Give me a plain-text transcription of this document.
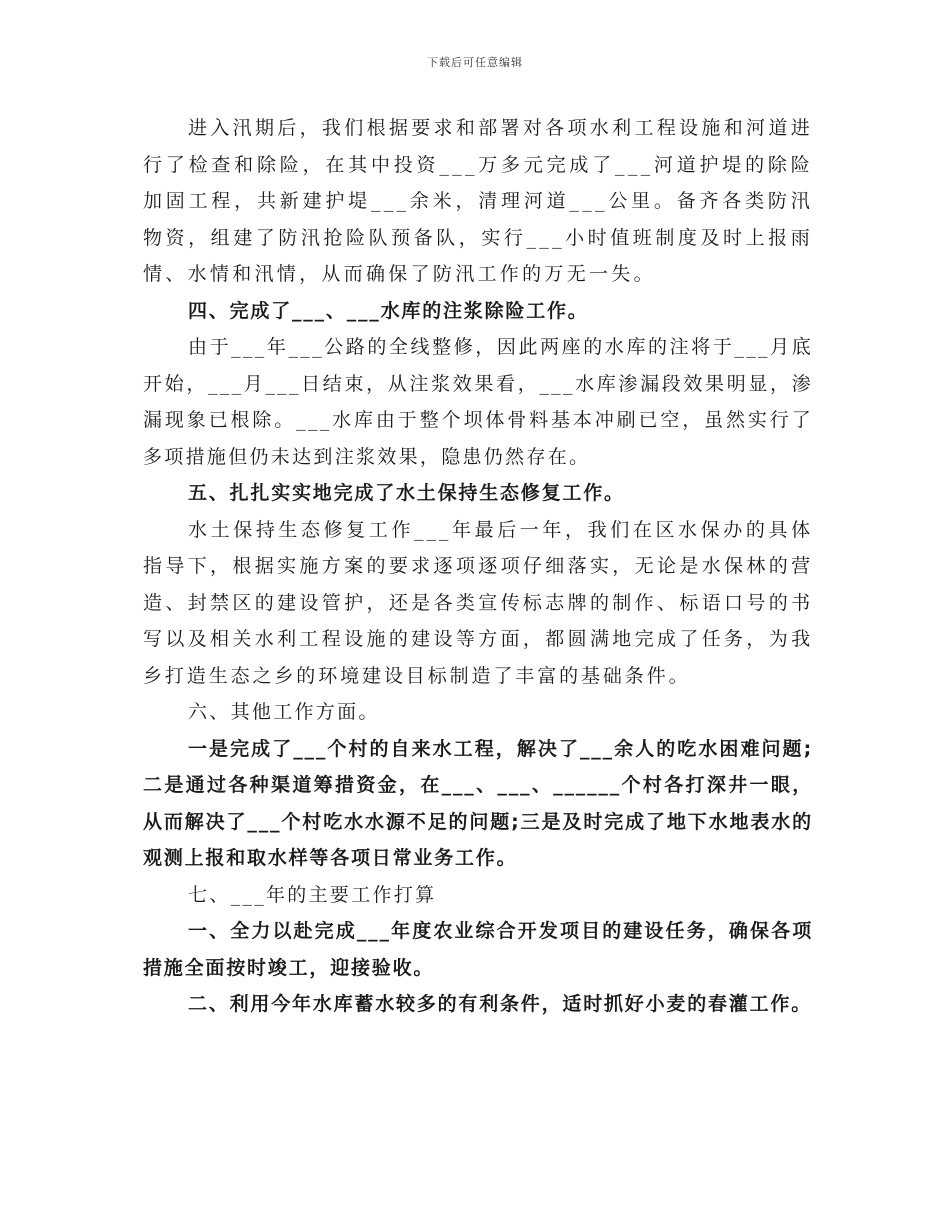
下载后可任意编辑

进入汛期后，我们根据要求和部署对各项水利工程设施和河道进行了检查和除险，在其中投资___万多元完成了___河道护堤的除险加固工程，共新建护堤___余米，清理河道___公里。备齐各类防汛物资，组建了防汛抢险队预备队，实行___小时值班制度及时上报雨情、水情和汛情，从而确保了防汛工作的万无一失。

四、完成了___、___水库的注浆除险工作。

由于___年___公路的全线整修，因此两座的水库的注将于___月底开始，___月___日结束，从注浆效果看，___水库渗漏段效果明显，渗漏现象已根除。___水库由于整个坝体骨料基本冲刷已空，虽然实行了多项措施但仍未达到注浆效果，隐患仍然存在。

五、扎扎实实地完成了水土保持生态修复工作。

水土保持生态修复工作___年最后一年，我们在区水保办的具体指导下，根据实施方案的要求逐项逐项仔细落实，无论是水保林的营造、封禁区的建设管护，还是各类宣传标志牌的制作、标语口号的书写以及相关水利工程设施的建设等方面，都圆满地完成了任务，为我乡打造生态之乡的环境建设目标制造了丰富的基础条件。

六、其他工作方面。

一是完成了___个村的自来水工程，解决了___余人的吃水困难问题;二是通过各种渠道筹措资金，在___、___、______个村各打深井一眼，从而解决了___个村吃水水源不足的问题;三是及时完成了地下水地表水的观测上报和取水样等各项日常业务工作。

七、___年的主要工作打算

一、全力以赴完成___年度农业综合开发项目的建设任务，确保各项措施全面按时竣工，迎接验收。

二、利用今年水库蓄水较多的有利条件，适时抓好小麦的春灌工作。
